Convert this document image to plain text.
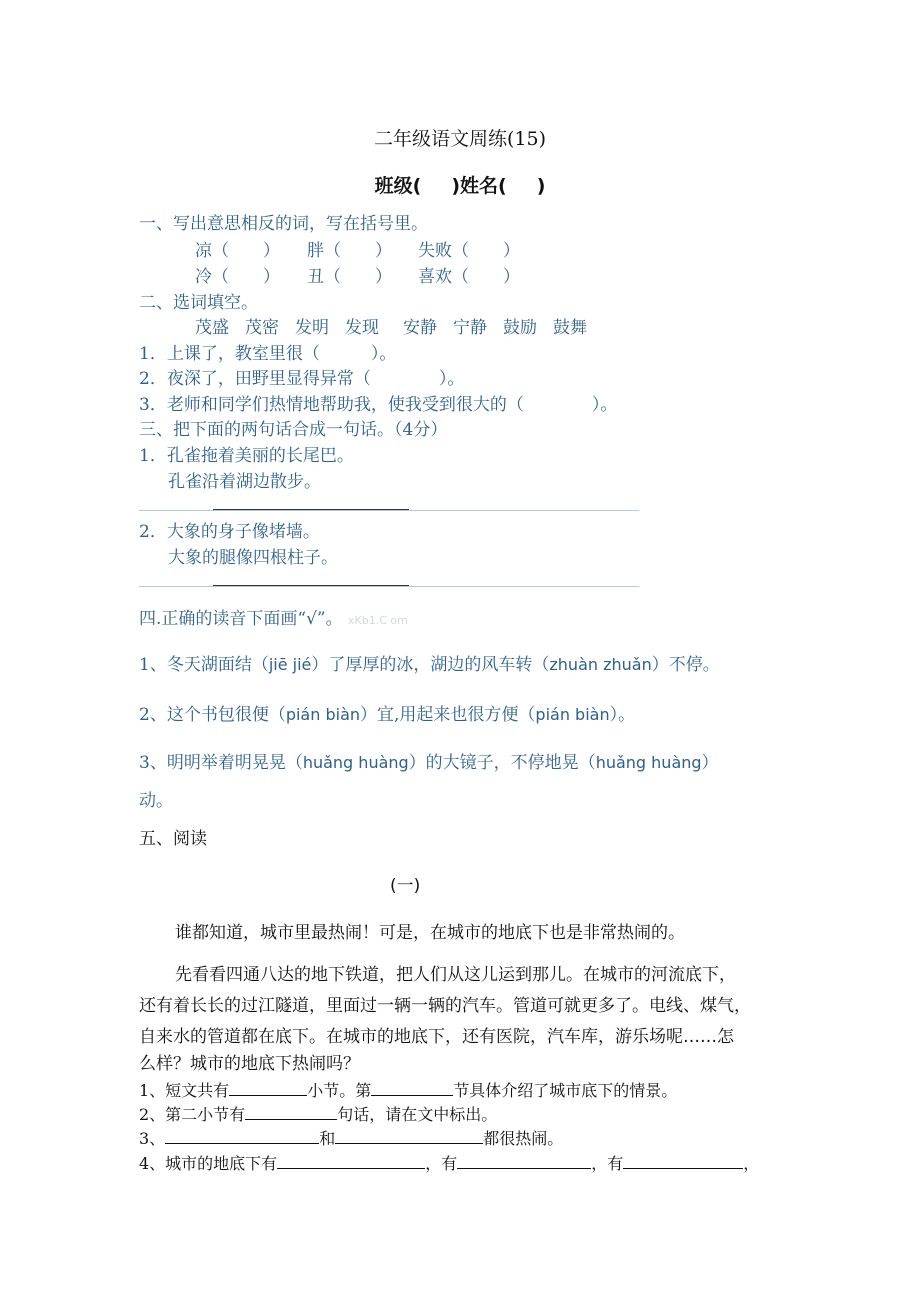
二年级语文周练(15)
班级( )姓名( )
一、写出意思相反的词，写在括号里。
凉（　　） 胖（　　） 失败（　　）
冷（　　） 丑（　　） 喜欢（　　）
二、选词填空。
茂盛 茂密 发明 发现 安静 宁静 鼓励 鼓舞
1．上课了，教室里很（　　　）。
2．夜深了，田野里显得异常（　　　　）。
3．老师和同学们热情地帮助我，使我受到很大的（　　　　）。
三、把下面的两句话合成一句话。（4分）
1．孔雀拖着美丽的长尾巴。
孔雀沿着湖边散步。
2．大象的身子像堵墙。
大象的腿像四根柱子。
四.正确的读音下面画“√”。 xKb1.C om
1、冬天湖面结（jiē jié）了厚厚的冰，湖边的风车转（zhuàn zhuǎn）不停。
2、这个书包很便（pián biàn）宜,用起来也很方便（pián biàn）。
3、明明举着明晃晃（huǎng huàng）的大镜子，不停地晃（huǎng huàng）
动。
五、阅读
(一)
谁都知道，城市里最热闹！可是，在城市的地底下也是非常热闹的。
先看看四通八达的地下铁道，把人们从这儿运到那儿。在城市的河流底下，
还有着长长的过江隧道，里面过一辆一辆的汽车。管道可就更多了。电线、煤气，
自来水的管道都在底下。在城市的地底下，还有医院，汽车库，游乐场呢……怎
么样？城市的地底下热闹吗？
1、短文共有	小节。第	节具体介绍了城市底下的情景。
2、第二小节有	句话，请在文中标出。
3、	和	都很热闹。
4、城市的地底下有	，有	，有	，
